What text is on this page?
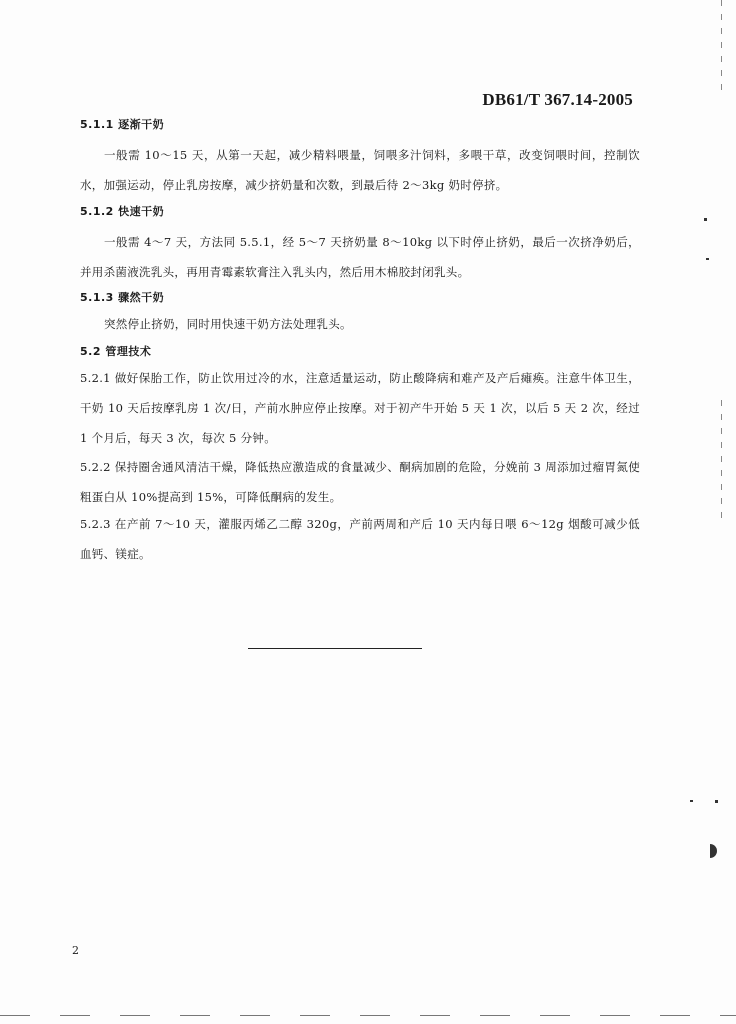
DB61/T 367.14-2005
5.1.1 逐渐干奶
一般需 10～15 天，从第一天起，减少精料喂量，饲喂多汁饲料，多喂干草，改变饲喂时间，控制饮水，加强运动，停止乳房按摩，减少挤奶量和次数，到最后待 2～3kg 奶时停挤。
5.1.2 快速干奶
一般需 4～7 天，方法同 5.5.1，经 5～7 天挤奶量 8～10kg 以下时停止挤奶，最后一次挤净奶后，并用杀菌液洗乳头，再用青霉素软膏注入乳头内，然后用木棉胶封闭乳头。
5.1.3 骤然干奶
突然停止挤奶，同时用快速干奶方法处理乳头。
5.2 管理技术
5.2.1 做好保胎工作，防止饮用过冷的水，注意适量运动，防止酸降病和难产及产后瘫痪。注意牛体卫生，干奶 10 天后按摩乳房 1 次/日，产前水肿应停止按摩。对于初产牛开始 5 天 1 次，以后 5 天 2 次，经过 1 个月后，每天 3 次，每次 5 分钟。
5.2.2 保持圈舍通风清洁干燥，降低热应激造成的食量减少、酮病加剧的危险，分娩前 3 周添加过瘤胃氮使粗蛋白从 10%提高到 15%，可降低酮病的发生。
5.2.3 在产前 7～10 天，灌服丙烯乙二醇 320g，产前两周和产后 10 天内每日喂 6～12g 烟酸可减少低血钙、镁症。
2
